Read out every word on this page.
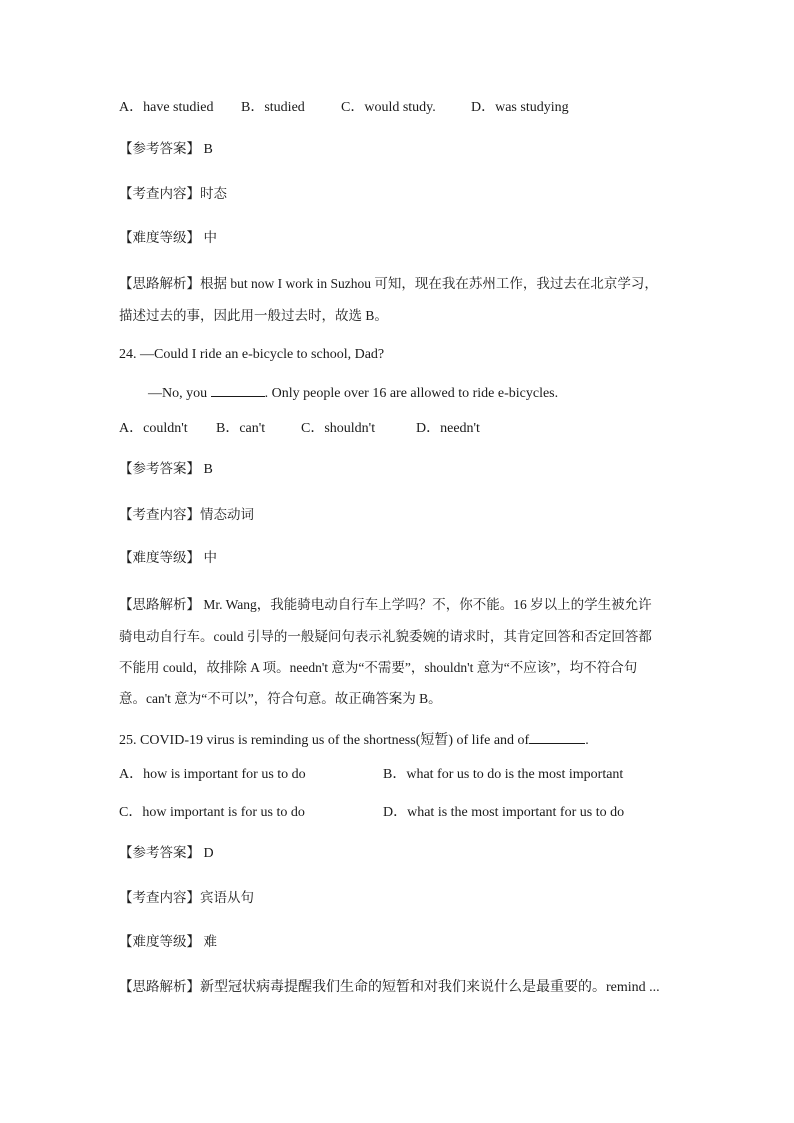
A．have studied B．studied	C．would study.	D．was studying
【参考答案】 B
【考查内容】时态
【难度等级】 中
【思路解析】根据 but now I work in Suzhou 可知，现在我在苏州工作，我过去在北京学习，
描述过去的事，因此用一般过去时，故选 B。
24. —Could I ride an e-bicycle to school, Dad?
—No, you	. Only people over 16 are allowed to ride e-bicycles.
A．couldn't B．can't	C．shouldn't	D．needn't
【参考答案】 B
【考查内容】情态动词
【难度等级】 中
【思路解析】 Mr. Wang，我能骑电动自行车上学吗？不，你不能。16 岁以上的学生被允许
骑电动自行车。could 引导的一般疑问句表示礼貌委婉的请求时，其肯定回答和否定回答都
不能用 could，故排除 A 项。needn't 意为“不需要”，shouldn't 意为“不应该”，均不符合句
意。can't 意为“不可以”，符合句意。故正确答案为 B。
25. COVID-19 virus is reminding us of the shortness(短暂) of life and of	.
A．how is important for us to do	B．what for us to do is the most important
C．how important is for us to do	D．what is the most important for us to do
【参考答案】 D
【考查内容】宾语从句
【难度等级】 难
【思路解析】新型冠状病毒提醒我们生命的短暂和对我们来说什么是最重要的。remind ...
